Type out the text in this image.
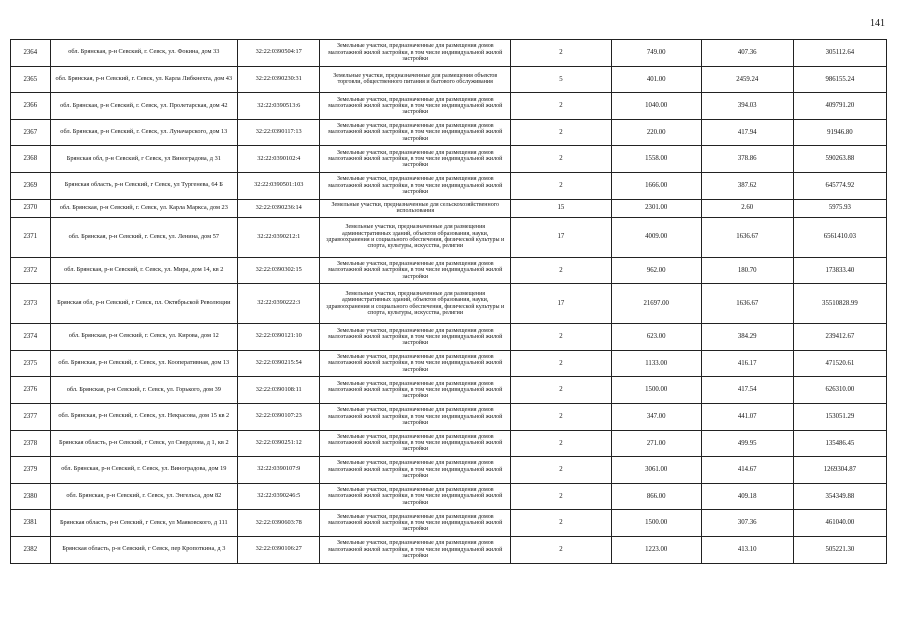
141
2364	обл. Брянская, р-н Севский, г. Севск, ул. Фокина, дом 33	32:22:0390504:17	Земельные участки, предназначенные для размещения домов малоэтажной жилой застройки, в том числе индивидуальной жилой застройки	2	749.00	407.36	305112.64
2365	обл. Брянская, р-н Севский, г. Севск, ул. Карла Либкнехта, дом 43	32:22:0390230:31	Земельные участки, предназначенные для размещения объектов торговли, общественного питания и бытового обслуживания	5	401.00	2459.24	986155.24
2366	обл. Брянская, р-н Севский, г. Севск, ул. Пролетарская, дом 42	32:22:0390513:6	Земельные участки, предназначенные для размещения домов малоэтажной жилой застройки, в том числе индивидуальной жилой застройки	2	1040.00	394.03	409791.20
2367	обл. Брянская, р-н Севский, г. Севск, ул. Луначарского, дом 13	32:22:0390117:13	Земельные участки, предназначенные для размещения домов малоэтажной жилой застройки, в том числе индивидуальной жилой застройки	2	220.00	417.94	91946.80
2368	Брянская обл, р-н Севский, г Севск, ул Виноградова, д 31	32:22:0390102:4	Земельные участки, предназначенные для размещения домов малоэтажной жилой застройки, в том числе индивидуальной жилой застройки	2	1558.00	378.86	590263.88
2369	Брянская область, р-н Севский, г Севск, ул Тургенева, 64 Б	32:22:0390501:103	Земельные участки, предназначенные для размещения домов малоэтажной жилой застройки, в том числе индивидуальной жилой застройки	2	1666.00	387.62	645774.92
2370	обл. Брянская, р-н Севский, г. Севск, ул. Карла Маркса, дом 23	32:22:0390236:14	Земельные участки, предназначенные для сельскохозяйственного использования	15	2301.00	2.60	5975.93
2371	обл. Брянская, р-н Севский, г. Севск, ул. Ленина, дом 57	32:22:0390212:1	Земельные участки, предназначенные для размещения административных зданий, объектов образования, науки, здравоохранения и социального обеспечения, физической культуры и спорта, культуры, искусства, религии	17	4009.00	1636.67	6561410.03
2372	обл. Брянская, р-н Севский, г. Севск, ул. Мира, дом 14, кв 2	32:22:0390302:15	Земельные участки, предназначенные для размещения домов малоэтажной жилой застройки, в том числе индивидуальной жилой застройки	2	962.00	180.70	173833.40
2373	Брянская обл, р-н Севский, г Севск, пл. Октябрьской Революции	32:22:0390222:3	Земельные участки, предназначенные для размещения административных зданий, объектов образования, науки, здравоохранения и социального обеспечения, физической культуры и спорта, культуры, искусства, религии	17	21697.00	1636.67	35510828.99
2374	обл. Брянская, р-н Севский, г. Севск, ул. Кирова, дом 12	32:22:0390121:10	Земельные участки, предназначенные для размещения домов малоэтажной жилой застройки, в том числе индивидуальной жилой застройки	2	623.00	384.29	239412.67
2375	обл. Брянская, р-н Севский, г. Севск, ул. Кооперативная, дом 13	32:22:0390215:54	Земельные участки, предназначенные для размещения домов малоэтажной жилой застройки, в том числе индивидуальной жилой застройки	2	1133.00	416.17	471520.61
2376	обл. Брянская, р-н Севский, г. Севск, ул. Горького, дом 39	32:22:0390108:11	Земельные участки, предназначенные для размещения домов малоэтажной жилой застройки, в том числе индивидуальной жилой застройки	2	1500.00	417.54	626310.00
2377	обл. Брянская, р-н Севский, г. Севск, ул. Некрасова, дом 15 кв 2	32:22:0390107:23	Земельные участки, предназначенные для размещения домов малоэтажной жилой застройки, в том числе индивидуальной жилой застройки	2	347.00	441.07	153051.29
2378	Брянская область, р-н Севский, г Севск, ул Свердлова, д 1, кв 2	32:22:0390251:12	Земельные участки, предназначенные для размещения домов малоэтажной жилой застройки, в том числе индивидуальной жилой застройки	2	271.00	499.95	135486.45
2379	обл. Брянская, р-н Севский, г. Севск, ул. Виноградова, дом 19	32:22:0390107:9	Земельные участки, предназначенные для размещения домов малоэтажной жилой застройки, в том числе индивидуальной жилой застройки	2	3061.00	414.67	1269304.87
2380	обл. Брянская, р-н Севский, г. Севск, ул. Энгельса, дом 82	32:22:0390246:5	Земельные участки, предназначенные для размещения домов малоэтажной жилой застройки, в том числе индивидуальной жилой застройки	2	866.00	409.18	354349.88
2381	Брянская область, р-н Севский, г Севск, ул Маяковского, д 111	32:22:0390603:78	Земельные участки, предназначенные для размещения домов малоэтажной жилой застройки, в том числе индивидуальной жилой застройки	2	1500.00	307.36	461040.00
2382	Брянская область, р-н Севский, г Севск, пер Кропоткина, д 3	32:22:0390106:27	Земельные участки, предназначенные для размещения домов малоэтажной жилой застройки, в том числе индивидуальной жилой застройки	2	1223.00	413.10	505221.30
